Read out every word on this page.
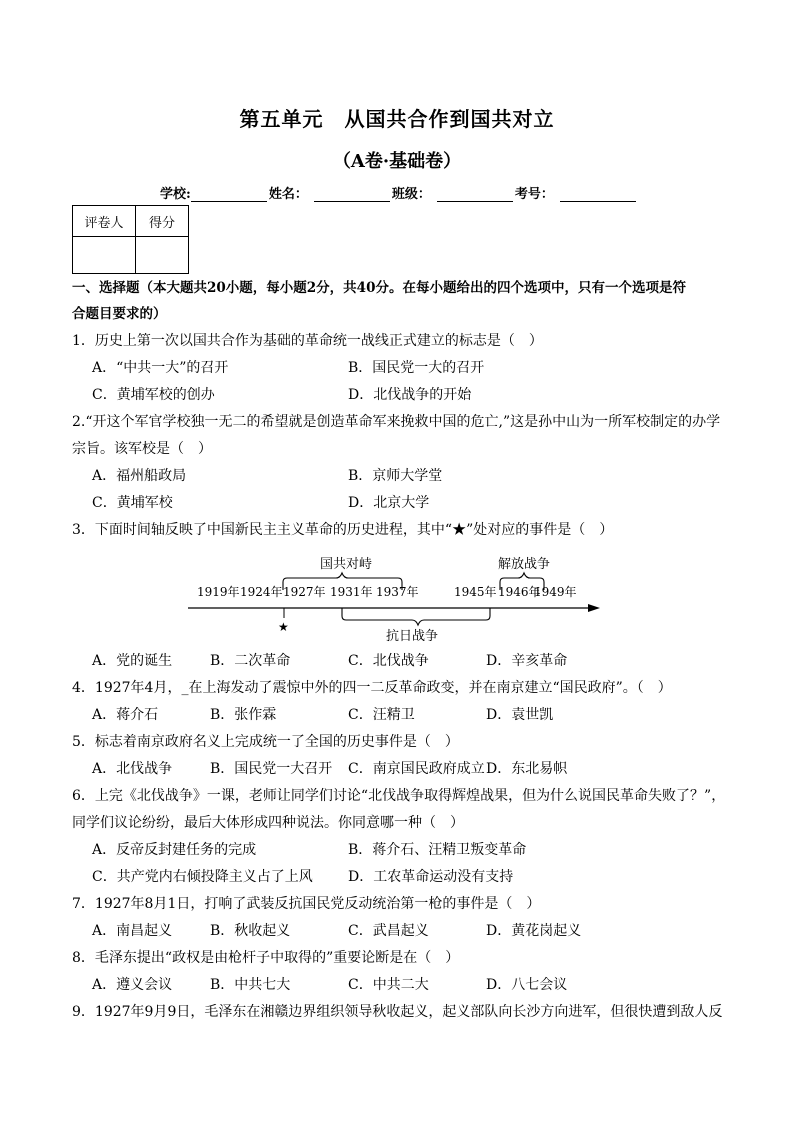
第五单元　从国共合作到国共对立
（A卷·基础卷）
学校:	姓名：	班级：	考号：
评卷人	得分

一、选择题（本大题共20小题，每小题2分，共40分。在每小题给出的四个选项中，只有一个选项是符
合题目要求的）
1．历史上第一次以国共合作为基础的革命统一战线正式建立的标志是（　）
A．“中共一大”的召开	B．国民党一大的召开
C．黄埔军校的创办	D．北伐战争的开始
2.“开这个军官学校独一无二的希望就是创造革命军来挽救中国的危亡,”这是孙中山为一所军校制定的办学
宗旨。该军校是（　）
A．福州船政局	B．京师大学堂
C．黄埔军校	D．北京大学
3．下面时间轴反映了中国新民主主义革命的历史进程，其中“★”处对应的事件是（　）
1919年 1924年 1927年 1931年 1937年	1945年 1946年
1949年
国共对峙	解放战争
抗日战争
★
A．党的诞生	B．二次革命	C．北伐战争	D．辛亥革命
4．1927年4月，_在上海发动了震惊中外的四一二反革命政变，并在南京建立“国民政府”。（　）
A．蒋介石	B．张作霖	C．汪精卫	D．袁世凯
5．标志着南京政府名义上完成统一了全国的历史事件是（　）
A．北伐战争	B．国民党一大召开 C．南京国民政府成立 D．东北易帜
6．上完《北伐战争》一课，老师让同学们讨论“北伐战争取得辉煌战果，但为什么说国民革命失败了？”，
同学们议论纷纷，最后大体形成四种说法。你同意哪一种（　）
A．反帝反封建任务的完成	B．蒋介石、汪精卫叛变革命
C．共产党内右倾投降主义占了上风	D．工农革命运动没有支持
7．1927年8月1日，打响了武装反抗国民党反动统治第一枪的事件是（　）
A．南昌起义	B．秋收起义	C．武昌起义	D．黄花岗起义
8．毛泽东提出“政权是由枪杆子中取得的”重要论断是在（　）
A．遵义会议	B．中共七大	C．中共二大	D．八七会议
9．1927年9月9日，毛泽东在湘赣边界组织领导秋收起义，起义部队向长沙方向进军，但很快遭到敌人反
